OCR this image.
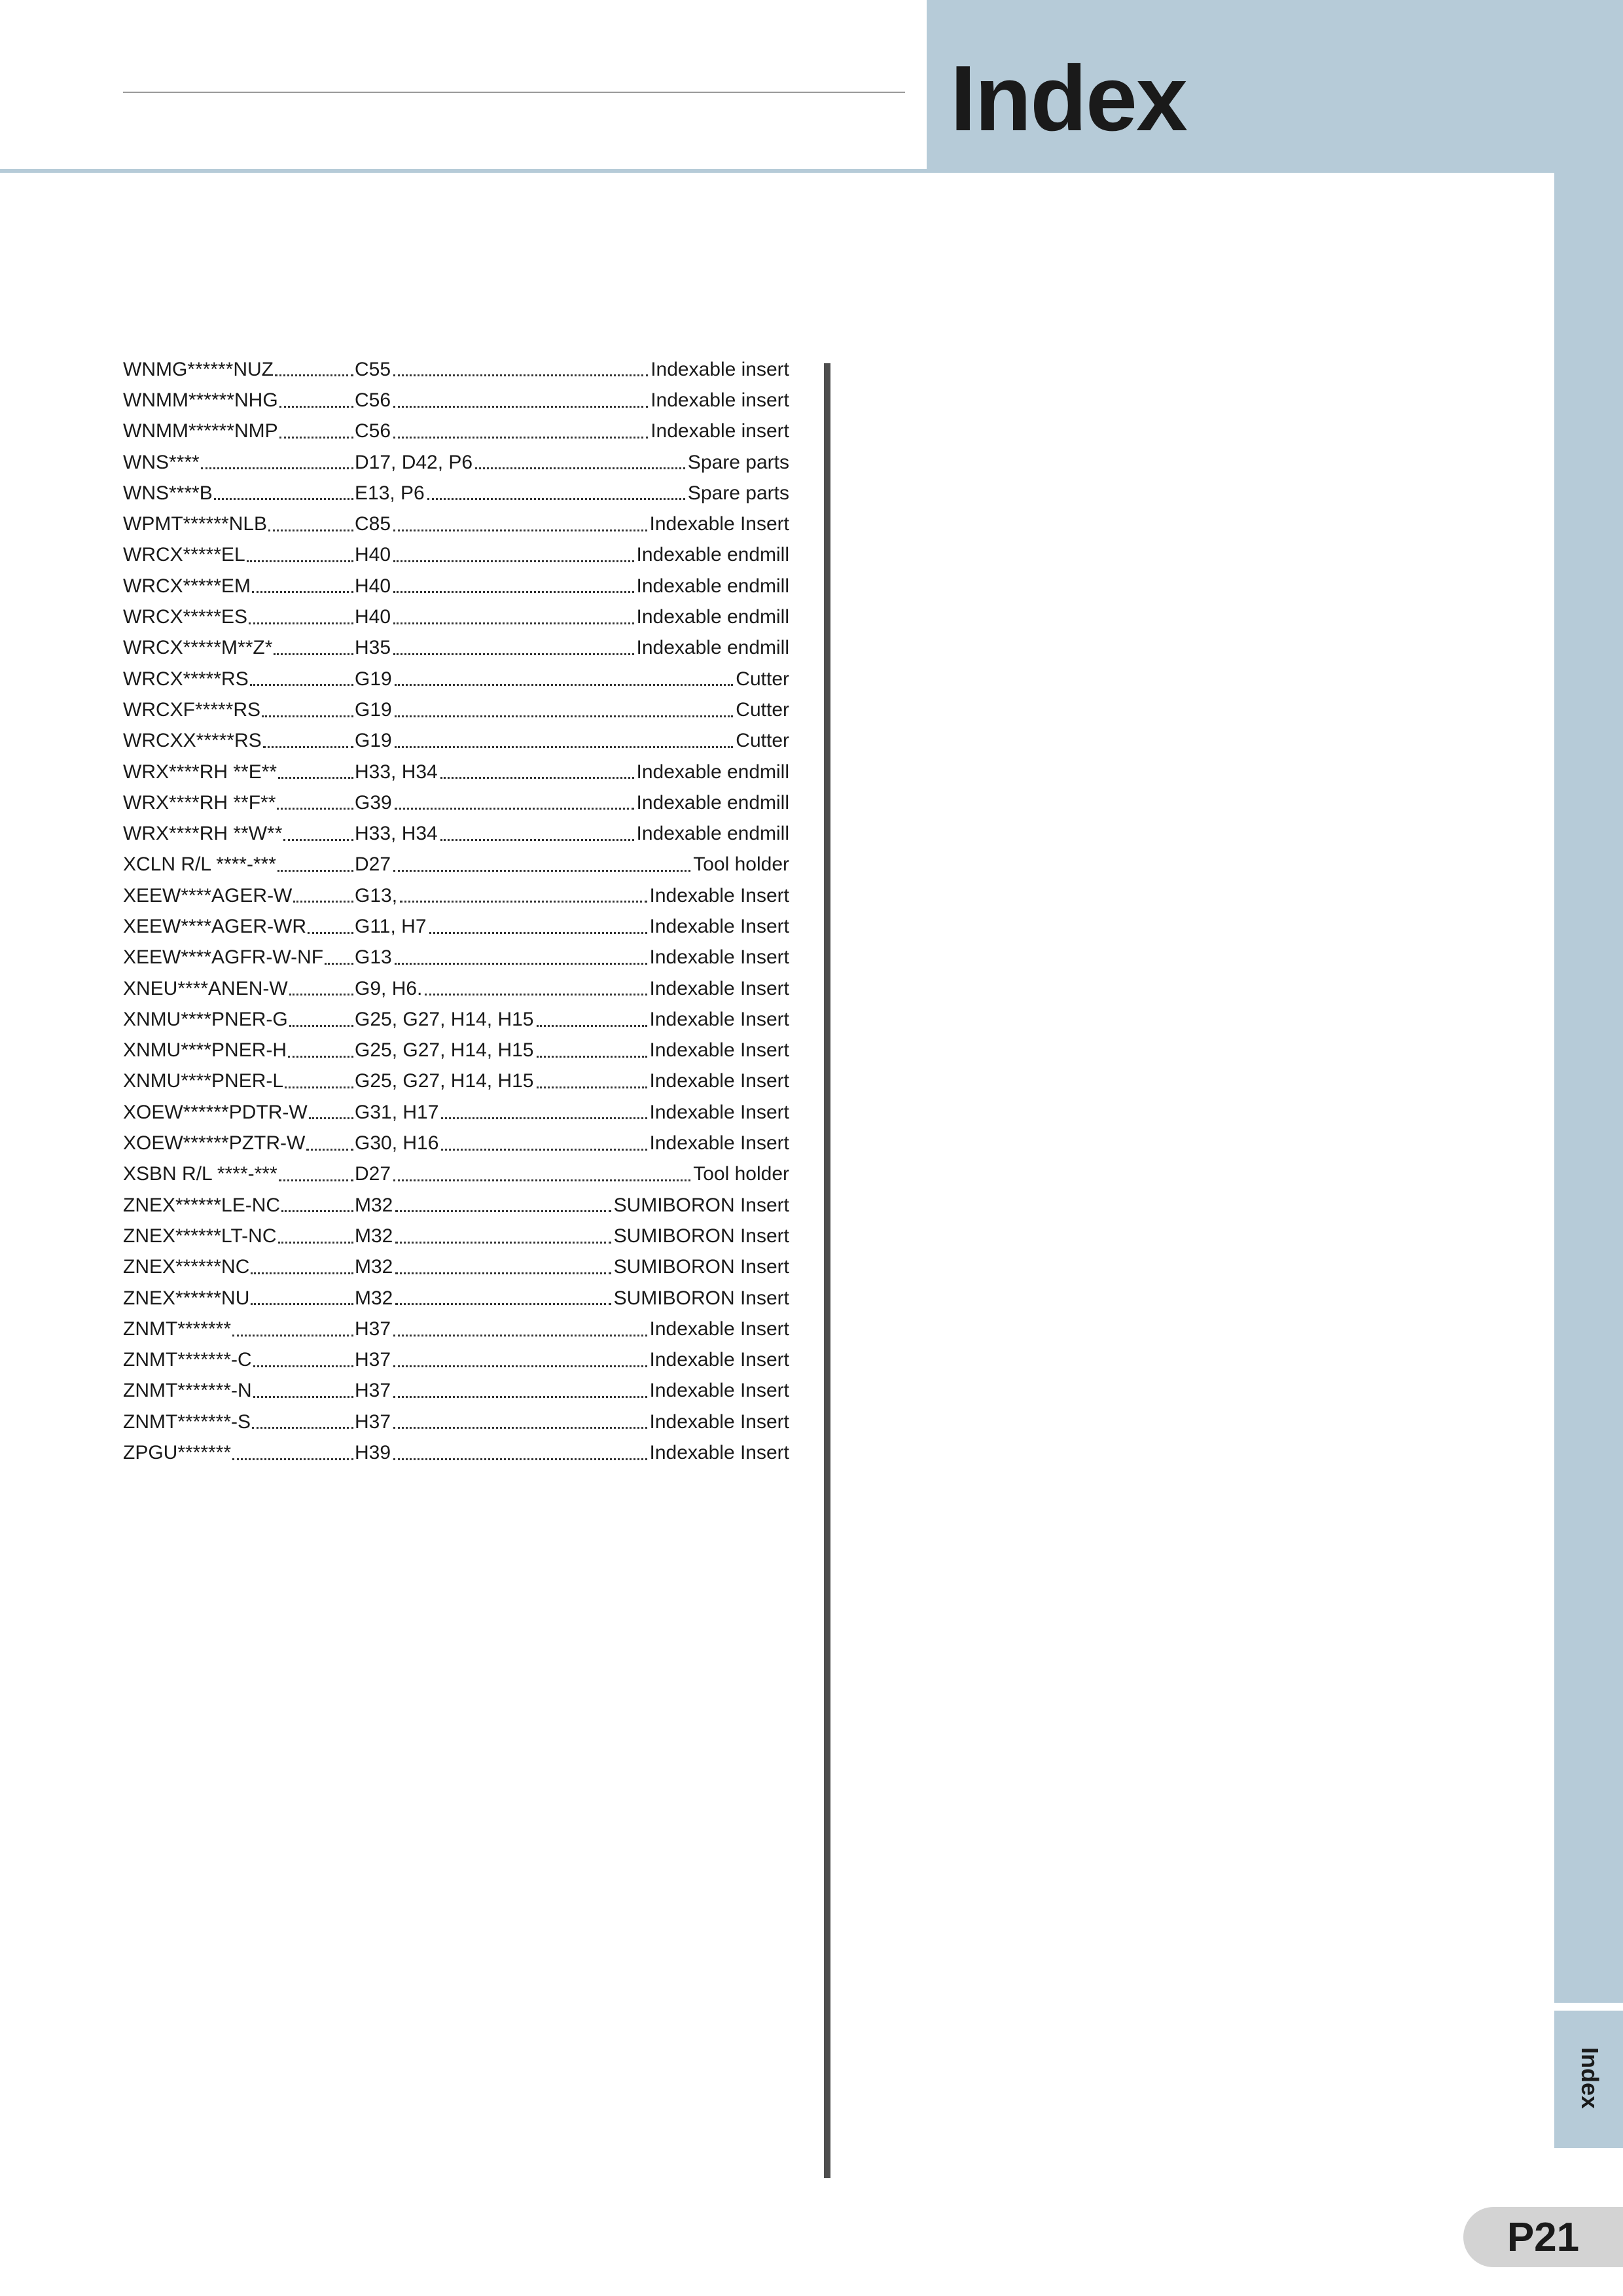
Index
Index
P21
WNMG******NUZ	C55	Indexable insert
WNMM******NHG	C56	Indexable insert
WNMM******NMP	C56	Indexable insert
WNS****	D17, D42, P6	Spare parts
WNS****B	E13, P6	Spare parts
WPMT******NLB	C85	Indexable Insert
WRCX*****EL	H40	Indexable endmill
WRCX*****EM	H40	Indexable endmill
WRCX*****ES	H40	Indexable endmill
WRCX*****M**Z*	H35	Indexable endmill
WRCX*****RS	G19	Cutter
WRCXF*****RS	G19	Cutter
WRCXX*****RS	G19	Cutter
WRX****RH **E**	H33, H34	Indexable endmill
WRX****RH **F**	G39	Indexable endmill
WRX****RH **W**	H33, H34	Indexable endmill
XCLN R/L ****-***	D27	Tool holder
XEEW****AGER-W	G13,	Indexable Insert
XEEW****AGER-WR G11, H7	Indexable Insert
XEEW****AGFR-W-NF G13	Indexable Insert
XNEU****ANEN-W	G9, H6.	Indexable Insert
XNMU****PNER-G	G25, G27, H14, H15	Indexable Insert
XNMU****PNER-H	G25, G27, H14, H15	Indexable Insert
XNMU****PNER-L	G25, G27, H14, H15	Indexable Insert
XOEW******PDTR-W G31, H17	Indexable Insert
XOEW******PZTR-W	G30, H16	Indexable Insert
XSBN R/L ****-***	D27	Tool holder
ZNEX******LE-NC	M32	SUMIBORON Insert
ZNEX******LT-NC	M32	SUMIBORON Insert
ZNEX******NC	M32	SUMIBORON Insert
ZNEX******NU	M32	SUMIBORON Insert
ZNMT*******	H37	Indexable Insert
ZNMT*******-C	H37	Indexable Insert
ZNMT*******-N	H37	Indexable Insert
ZNMT*******-S	H37	Indexable Insert
ZPGU*******	H39	Indexable Insert
